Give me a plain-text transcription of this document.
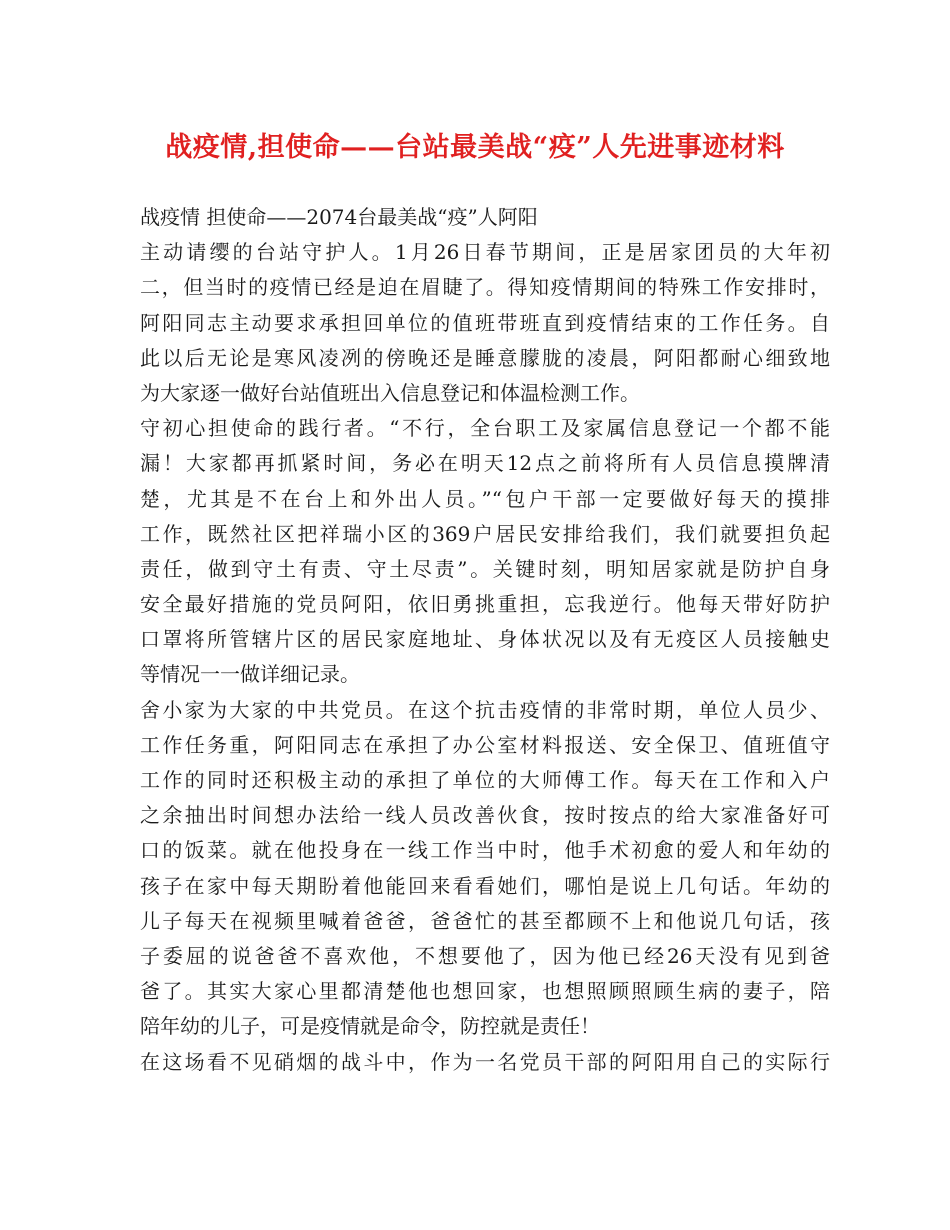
战疫情,担使命——台站最美战“疫”人先进事迹材料
战疫情 担使命——2074台最美战“疫”人阿阳
主动请缨的台站守护人。1月26日春节期间，正是居家团员的大年初
二，但当时的疫情已经是迫在眉睫了。得知疫情期间的特殊工作安排时，
阿阳同志主动要求承担回单位的值班带班直到疫情结束的工作任务。自
此以后无论是寒风凌冽的傍晚还是睡意朦胧的凌晨，阿阳都耐心细致地
为大家逐一做好台站值班出入信息登记和体温检测工作。
守初心担使命的践行者。“不行，全台职工及家属信息登记一个都不能
漏！大家都再抓紧时间，务必在明天12点之前将所有人员信息摸牌清
楚，尤其是不在台上和外出人员。”“包户干部一定要做好每天的摸排
工作，既然社区把祥瑞小区的369户居民安排给我们，我们就要担负起
责任，做到守土有责、守土尽责”。关键时刻，明知居家就是防护自身
安全最好措施的党员阿阳，依旧勇挑重担，忘我逆行。他每天带好防护
口罩将所管辖片区的居民家庭地址、身体状况以及有无疫区人员接触史
等情况一一做详细记录。
舍小家为大家的中共党员。在这个抗击疫情的非常时期，单位人员少、
工作任务重，阿阳同志在承担了办公室材料报送、安全保卫、值班值守
工作的同时还积极主动的承担了单位的大师傅工作。每天在工作和入户
之余抽出时间想办法给一线人员改善伙食，按时按点的给大家准备好可
口的饭菜。就在他投身在一线工作当中时，他手术初愈的爱人和年幼的
孩子在家中每天期盼着他能回来看看她们，哪怕是说上几句话。年幼的
儿子每天在视频里喊着爸爸，爸爸忙的甚至都顾不上和他说几句话，孩
子委屈的说爸爸不喜欢他，不想要他了，因为他已经26天没有见到爸
爸了。其实大家心里都清楚他也想回家，也想照顾照顾生病的妻子，陪
陪年幼的儿子，可是疫情就是命令，防控就是责任！
在这场看不见硝烟的战斗中，作为一名党员干部的阿阳用自己的实际行
